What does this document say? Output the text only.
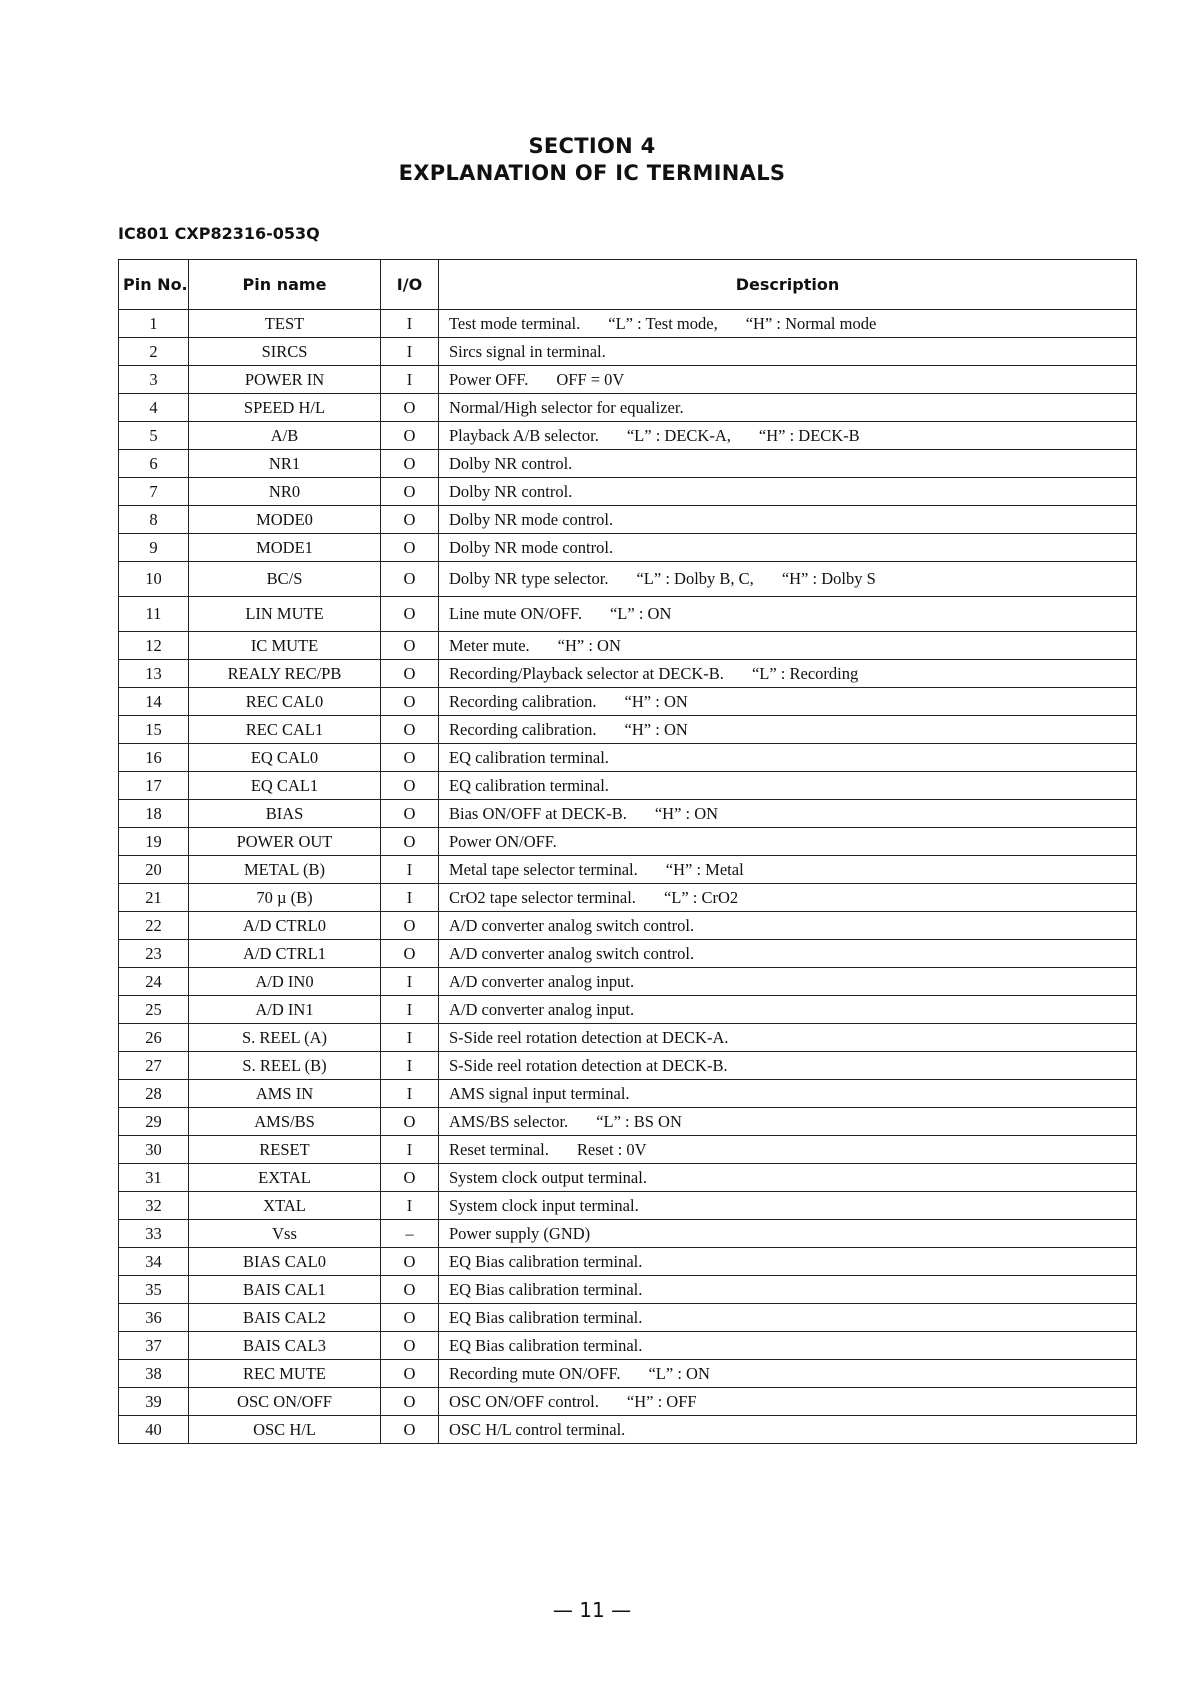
SECTION 4
EXPLANATION OF IC TERMINALS
IC801 CXP82316-053Q
Pin No.	Pin name	I/O	Description
1	TEST	I	Test mode terminal. “L” : Test mode, “H” : Normal mode
2	SIRCS	I	Sircs signal in terminal.
3	POWER IN	I	Power OFF. OFF = 0V
4	SPEED H/L	O	Normal/High selector for equalizer.
5	A/B	O	Playback A/B selector. “L” : DECK-A, “H” : DECK-B
6	NR1	O	Dolby NR control.
7	NR0	O	Dolby NR control.
8	MODE0	O	Dolby NR mode control.
9	MODE1	O	Dolby NR mode control.
10	BC/S	O	Dolby NR type selector. “L” : Dolby B, C, “H” : Dolby S
11	LIN MUTE	O	Line mute ON/OFF. “L” : ON
12	IC MUTE	O	Meter mute. “H” : ON
13	REALY REC/PB	O	Recording/Playback selector at DECK-B. “L” : Recording
14	REC CAL0	O	Recording calibration. “H” : ON
15	REC CAL1	O	Recording calibration. “H” : ON
16	EQ CAL0	O	EQ calibration terminal.
17	EQ CAL1	O	EQ calibration terminal.
18	BIAS	O	Bias ON/OFF at DECK-B. “H” : ON
19	POWER OUT	O	Power ON/OFF.
20	METAL (B)	I	Metal tape selector terminal. “H” : Metal
21	70 µ (B)	I	CrO2 tape selector terminal. “L” : CrO2
22	A/D CTRL0	O	A/D converter analog switch control.
23	A/D CTRL1	O	A/D converter analog switch control.
24	A/D IN0	I	A/D converter analog input.
25	A/D IN1	I	A/D converter analog input.
26	S. REEL (A)	I	S-Side reel rotation detection at DECK-A.
27	S. REEL (B)	I	S-Side reel rotation detection at DECK-B.
28	AMS IN	I	AMS signal input terminal.
29	AMS/BS	O	AMS/BS selector. “L” : BS ON
30	RESET	I	Reset terminal. Reset : 0V
31	EXTAL	O	System clock output terminal.
32	XTAL	I	System clock input terminal.
33	Vss	–	Power supply (GND)
34	BIAS CAL0	O	EQ Bias calibration terminal.
35	BAIS CAL1	O	EQ Bias calibration terminal.
36	BAIS CAL2	O	EQ Bias calibration terminal.
37	BAIS CAL3	O	EQ Bias calibration terminal.
38	REC MUTE	O	Recording mute ON/OFF. “L” : ON
39	OSC ON/OFF	O	OSC ON/OFF control. “H” : OFF
40	OSC H/L	O	OSC H/L control terminal.
— 11 —
